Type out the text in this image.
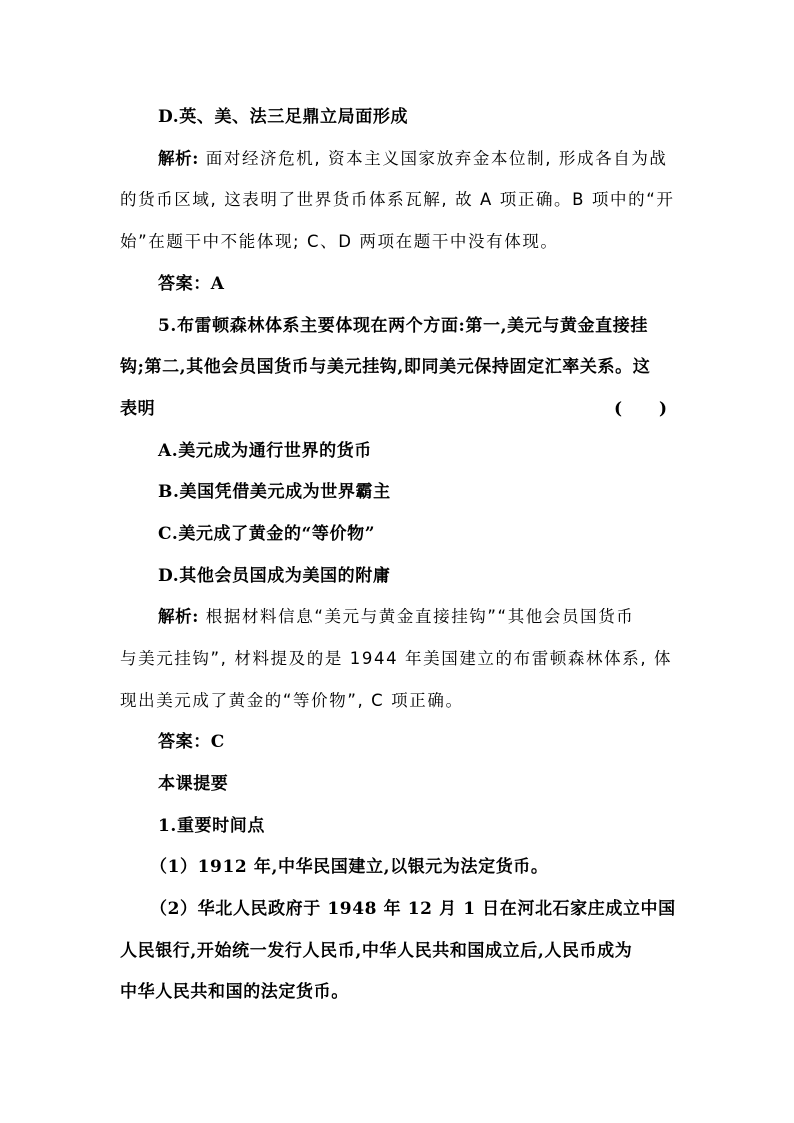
D.英、美、法三足鼎立局面形成
解析: 面对经济危机, 资本主义国家放弃金本位制, 形成各自为战
的货币区域, 这表明了世界货币体系瓦解, 故 A 项正确。B 项中的“开
始”在题干中不能体现; C、D 两项在题干中没有体现。
答案：A
5.布雷顿森林体系主要体现在两个方面:第一,美元与黄金直接挂
钩;第二,其他会员国货币与美元挂钩,即同美元保持固定汇率关系。这
表明	(　　)
A.美元成为通行世界的货币
B.美国凭借美元成为世界霸主
C.美元成了黄金的“等价物”
D.其他会员国成为美国的附庸
解析: 根据材料信息“美元与黄金直接挂钩”“其他会员国货币
与美元挂钩”, 材料提及的是 1944 年美国建立的布雷顿森林体系, 体
现出美元成了黄金的“等价物”, C 项正确。
答案：C
本课提要
1.重要时间点
（1）1912 年,中华民国建立,以银元为法定货币。
（2）华北人民政府于 1948 年 12 月 1 日在河北石家庄成立中国
人民银行,开始统一发行人民币,中华人民共和国成立后,人民币成为
中华人民共和国的法定货币。
